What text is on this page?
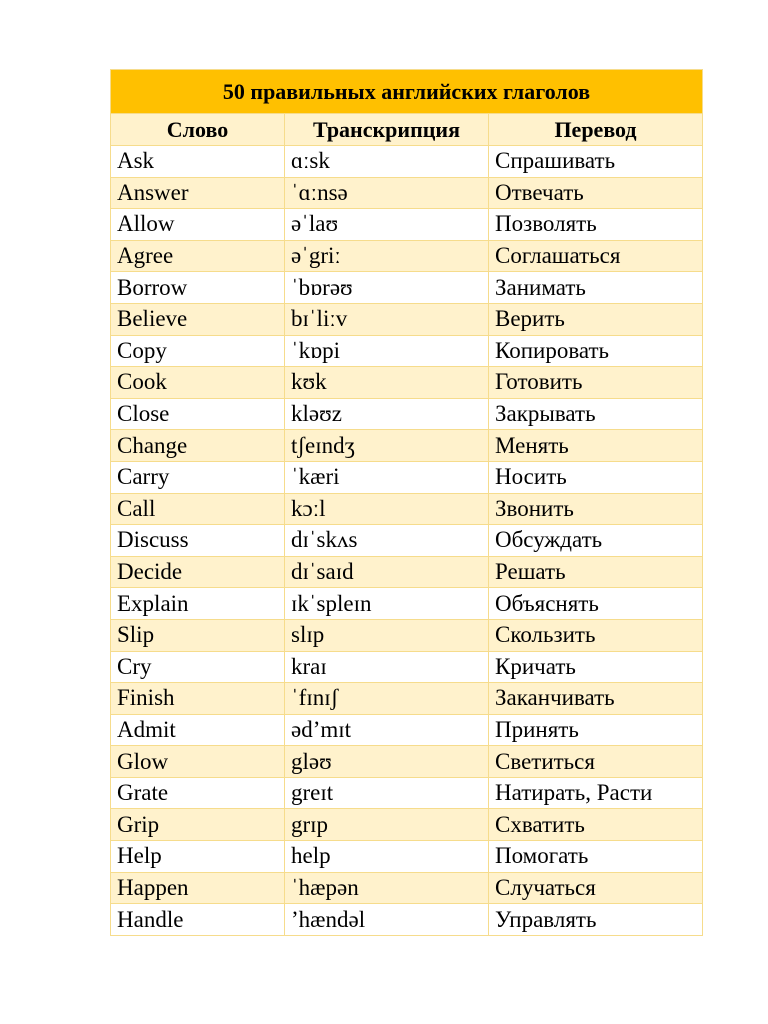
50 правильных английских глаголов		
Слово	Транскрипция	Перевод
Ask	ɑːsk	Спрашивать
Answer	ˈɑːnsə	Отвечать
Allow	əˈlaʊ	Позволять
Agree	əˈgriː	Соглашаться
Borrow	ˈbɒrəʊ	Занимать
Believe	bɪˈliːv	Верить
Copy	ˈkɒpi	Копировать
Cook	kʊk	Готовить
Close	kləʊz	Закрывать
Change	tʃeɪndʒ	Менять
Carry	ˈkæri	Носить
Call	kɔːl	Звонить
Discuss	dɪˈskʌs	Обсуждать
Decide	dɪˈsaɪd	Решать
Explain	ɪkˈspleɪn	Объяснять
Slip	slɪp	Скользить
Cry	kraɪ	Кричать
Finish	ˈfɪnɪʃ	Заканчивать
Admit	əd’mɪt	Принять
Glow	gləʊ	Светиться
Grate	greɪt	Натирать, Расти
Grip	grɪp	Схватить
Help	help	Помогать
Happen	ˈhæpən	Случаться
Handle	’hændəl	Управлять
